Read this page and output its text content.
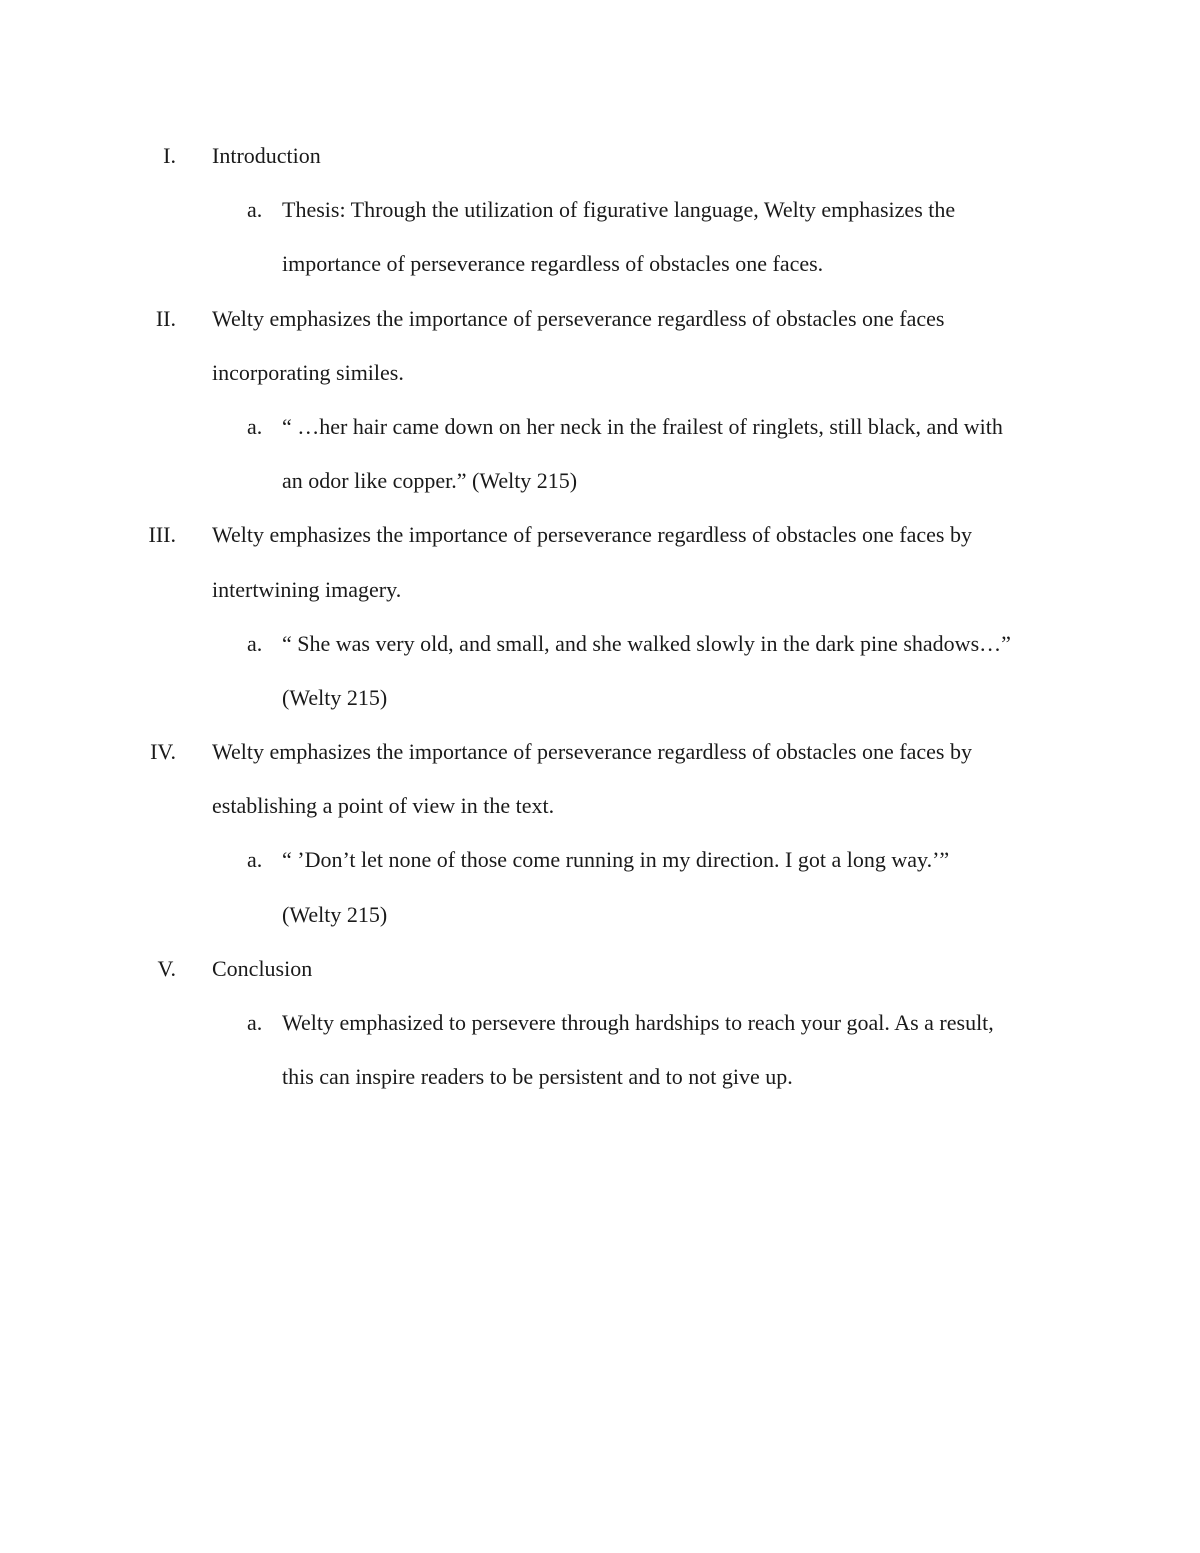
I. Introduction
a. Thesis: Through the utilization of figurative language, Welty emphasizes the
importance of perseverance regardless of obstacles one faces.
II. Welty emphasizes the importance of perseverance regardless of obstacles one faces
incorporating similes.
a. “ …her hair came down on her neck in the frailest of ringlets, still black, and with
an odor like copper.” (Welty 215)
III. Welty emphasizes the importance of perseverance regardless of obstacles one faces by
intertwining imagery.
a. “ She was very old, and small, and she walked slowly in the dark pine shadows…”
(Welty 215)
IV. Welty emphasizes the importance of perseverance regardless of obstacles one faces by
establishing a point of view in the text.
a. “ ’Don’t let none of those come running in my direction. I got a long way.’”
(Welty 215)
V. Conclusion
a. Welty emphasized to persevere through hardships to reach your goal. As a result,
this can inspire readers to be persistent and to not give up.
